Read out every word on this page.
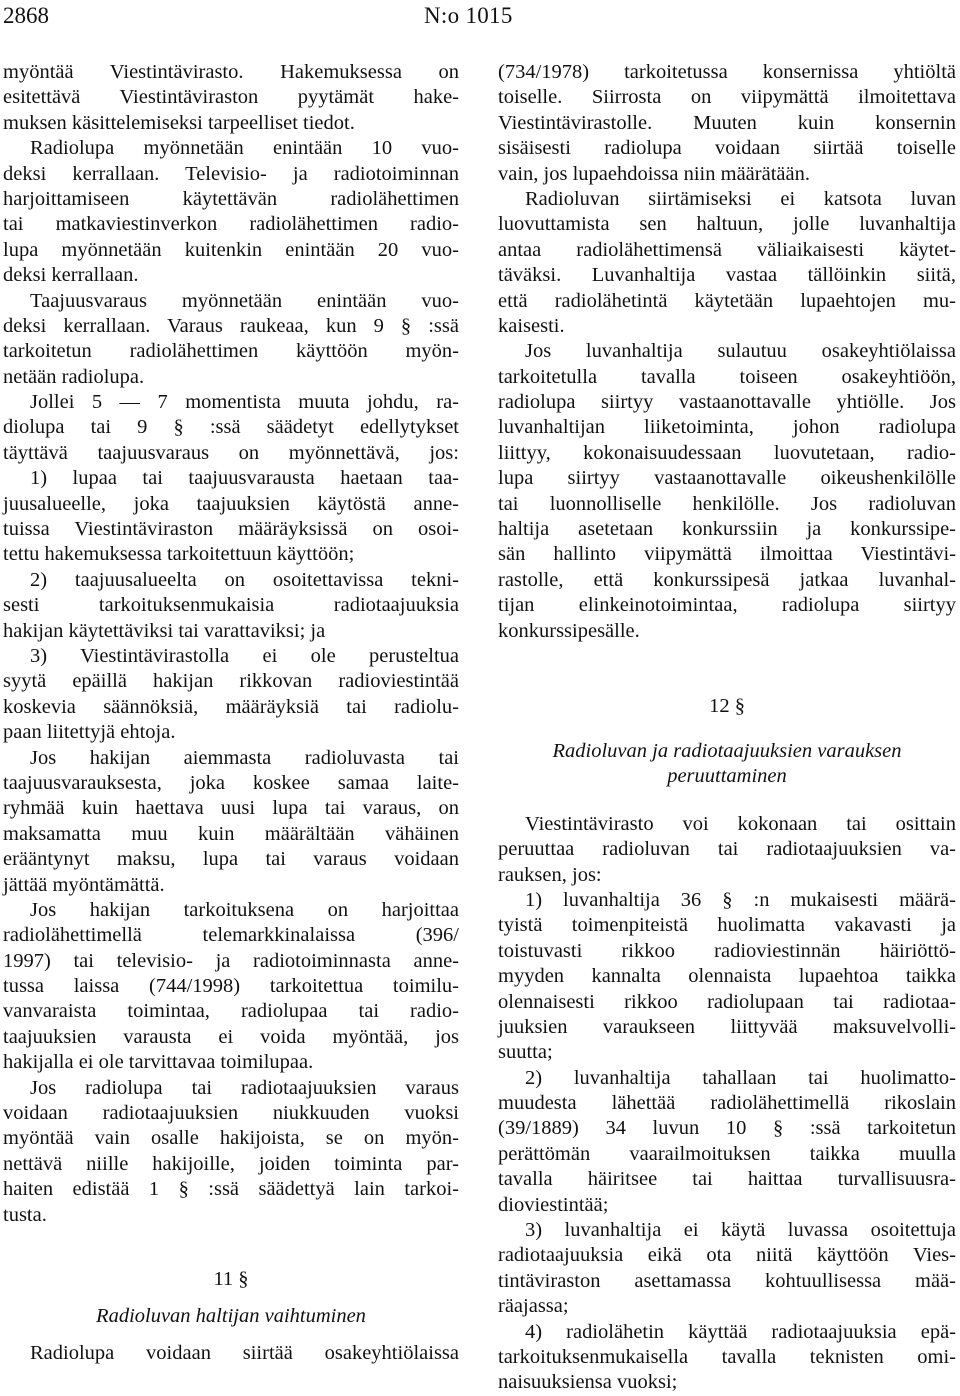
2868	N:o 1015
myöntää Viestintävirasto. Hakemuksessa on
esitettävä Viestintäviraston pyytämät hake-
muksen käsittelemiseksi tarpeelliset tiedot.
Radiolupa myönnetään enintään 10 vuo-
deksi kerrallaan. Televisio- ja radiotoiminnan
harjoittamiseen käytettävän radiolähettimen
tai matkaviestinverkon radiolähettimen radio-
lupa myönnetään kuitenkin enintään 20 vuo-
deksi kerrallaan.
Taajuusvaraus myönnetään enintään vuo-
deksi kerrallaan. Varaus raukeaa, kun 9 § :ssä
tarkoitetun radiolähettimen käyttöön myön-
netään radiolupa.
Jollei 5 — 7 momentista muuta johdu, ra-
diolupa tai 9 § :ssä säädetyt edellytykset
täyttävä taajuusvaraus on myönnettävä, jos:
1) lupaa tai taajuusvarausta haetaan taa-
juusalueelle, joka taajuuksien käytöstä anne-
tuissa Viestintäviraston määräyksissä on osoi-
tettu hakemuksessa tarkoitettuun käyttöön;
2) taajuusalueelta on osoitettavissa tekni-
sesti tarkoituksenmukaisia radiotaajuuksia
hakijan käytettäviksi tai varattaviksi; ja
3) Viestintävirastolla ei ole perusteltua
syytä epäillä hakijan rikkovan radioviestintää
koskevia säännöksiä, määräyksiä tai radiolu-
paan liitettyjä ehtoja.
Jos hakijan aiemmasta radioluvasta tai
taajuusvarauksesta, joka koskee samaa laite-
ryhmää kuin haettava uusi lupa tai varaus, on
maksamatta muu kuin määrältään vähäinen
erääntynyt maksu, lupa tai varaus voidaan
jättää myöntämättä.
Jos hakijan tarkoituksena on harjoittaa
radiolähettimellä telemarkkinalaissa (396/
1997) tai televisio- ja radiotoiminnasta anne-
tussa laissa (744/1998) tarkoitettua toimilu-
vanvaraista toimintaa, radiolupaa tai radio-
taajuuksien varausta ei voida myöntää, jos
hakijalla ei ole tarvittavaa toimilupaa.
Jos radiolupa tai radiotaajuuksien varaus
voidaan radiotaajuuksien niukkuuden vuoksi
myöntää vain osalle hakijoista, se on myön-
nettävä niille hakijoille, joiden toiminta par-
haiten edistää 1 § :ssä säädettyä lain tarkoi-
tusta.
11 §
Radioluvan haltijan vaihtuminen
Radiolupa voidaan siirtää osakeyhtiölaissa
(734/1978) tarkoitetussa konsernissa yhtiöltä
toiselle. Siirrosta on viipymättä ilmoitettava
Viestintävirastolle. Muuten kuin konsernin
sisäisesti radiolupa voidaan siirtää toiselle
vain, jos lupaehdoissa niin määrätään.
Radioluvan siirtämiseksi ei katsota luvan
luovuttamista sen haltuun, jolle luvanhaltija
antaa radiolähettimensä väliaikaisesti käytet-
täväksi. Luvanhaltija vastaa tällöinkin siitä,
että radiolähetintä käytetään lupaehtojen mu-
kaisesti.
Jos luvanhaltija sulautuu osakeyhtiölaissa
tarkoitetulla tavalla toiseen osakeyhtiöön,
radiolupa siirtyy vastaanottavalle yhtiölle. Jos
luvanhaltijan liiketoiminta, johon radiolupa
liittyy, kokonaisuudessaan luovutetaan, radio-
lupa siirtyy vastaanottavalle oikeushenkilölle
tai luonnolliselle henkilölle. Jos radioluvan
haltija asetetaan konkurssiin ja konkurssipe-
sän hallinto viipymättä ilmoittaa Viestintävi-
rastolle, että konkurssipesä jatkaa luvanhal-
tijan elinkeinotoimintaa, radiolupa siirtyy
konkurssipesälle.
12 §
Radioluvan ja radiotaajuuksien varauksen
peruuttaminen
Viestintävirasto voi kokonaan tai osittain
peruuttaa radioluvan tai radiotaajuuksien va-
rauksen, jos:
1) luvanhaltija 36 § :n mukaisesti määrä-
tyistä toimenpiteistä huolimatta vakavasti ja
toistuvasti rikkoo radioviestinnän häiriöttö-
myyden kannalta olennaista lupaehtoa taikka
olennaisesti rikkoo radiolupaan tai radiotaa-
juuksien varaukseen liittyvää maksuvelvolli-
suutta;
2) luvanhaltija tahallaan tai huolimatto-
muudesta lähettää radiolähettimellä rikoslain
(39/1889) 34 luvun 10 § :ssä tarkoitetun
perättömän vaarailmoituksen taikka muulla
tavalla häiritsee tai haittaa turvallisuusra-
dioviestintää;
3) luvanhaltija ei käytä luvassa osoitettuja
radiotaajuuksia eikä ota niitä käyttöön Vies-
tintäviraston asettamassa kohtuullisessa mää-
räajassa;
4) radiolähetin käyttää radiotaajuuksia epä-
tarkoituksenmukaisella tavalla teknisten omi-
naisuuksiensa vuoksi;
